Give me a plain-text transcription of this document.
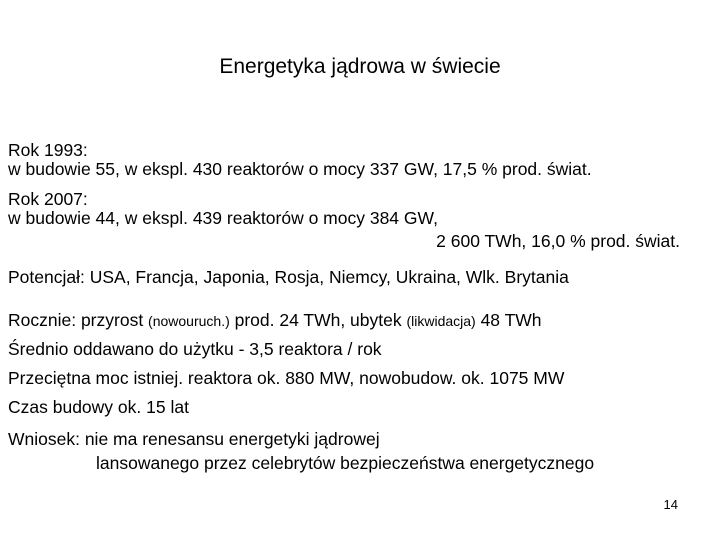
Energetyka jądrowa w świecie
Rok 1993:
w budowie 55, w ekspl. 430 reaktorów o mocy 337 GW, 17,5 % prod. świat.
Rok 2007:
w budowie 44, w ekspl. 439 reaktorów o mocy 384 GW,
2 600 TWh, 16,0 % prod. świat.
Potencjał: USA, Francja, Japonia, Rosja, Niemcy, Ukraina, Wlk. Brytania
Rocznie: przyrost (nowouruch.) prod. 24 TWh, ubytek (likwidacja) 48 TWh
Średnio oddawano do użytku - 3,5 reaktora / rok
Przeciętna moc istniej. reaktora ok. 880 MW, nowobudow. ok. 1075 MW
Czas budowy ok. 15 lat
Wniosek: nie ma renesansu energetyki jądrowej
lansowanego przez celebrytów bezpieczeństwa energetycznego
14
